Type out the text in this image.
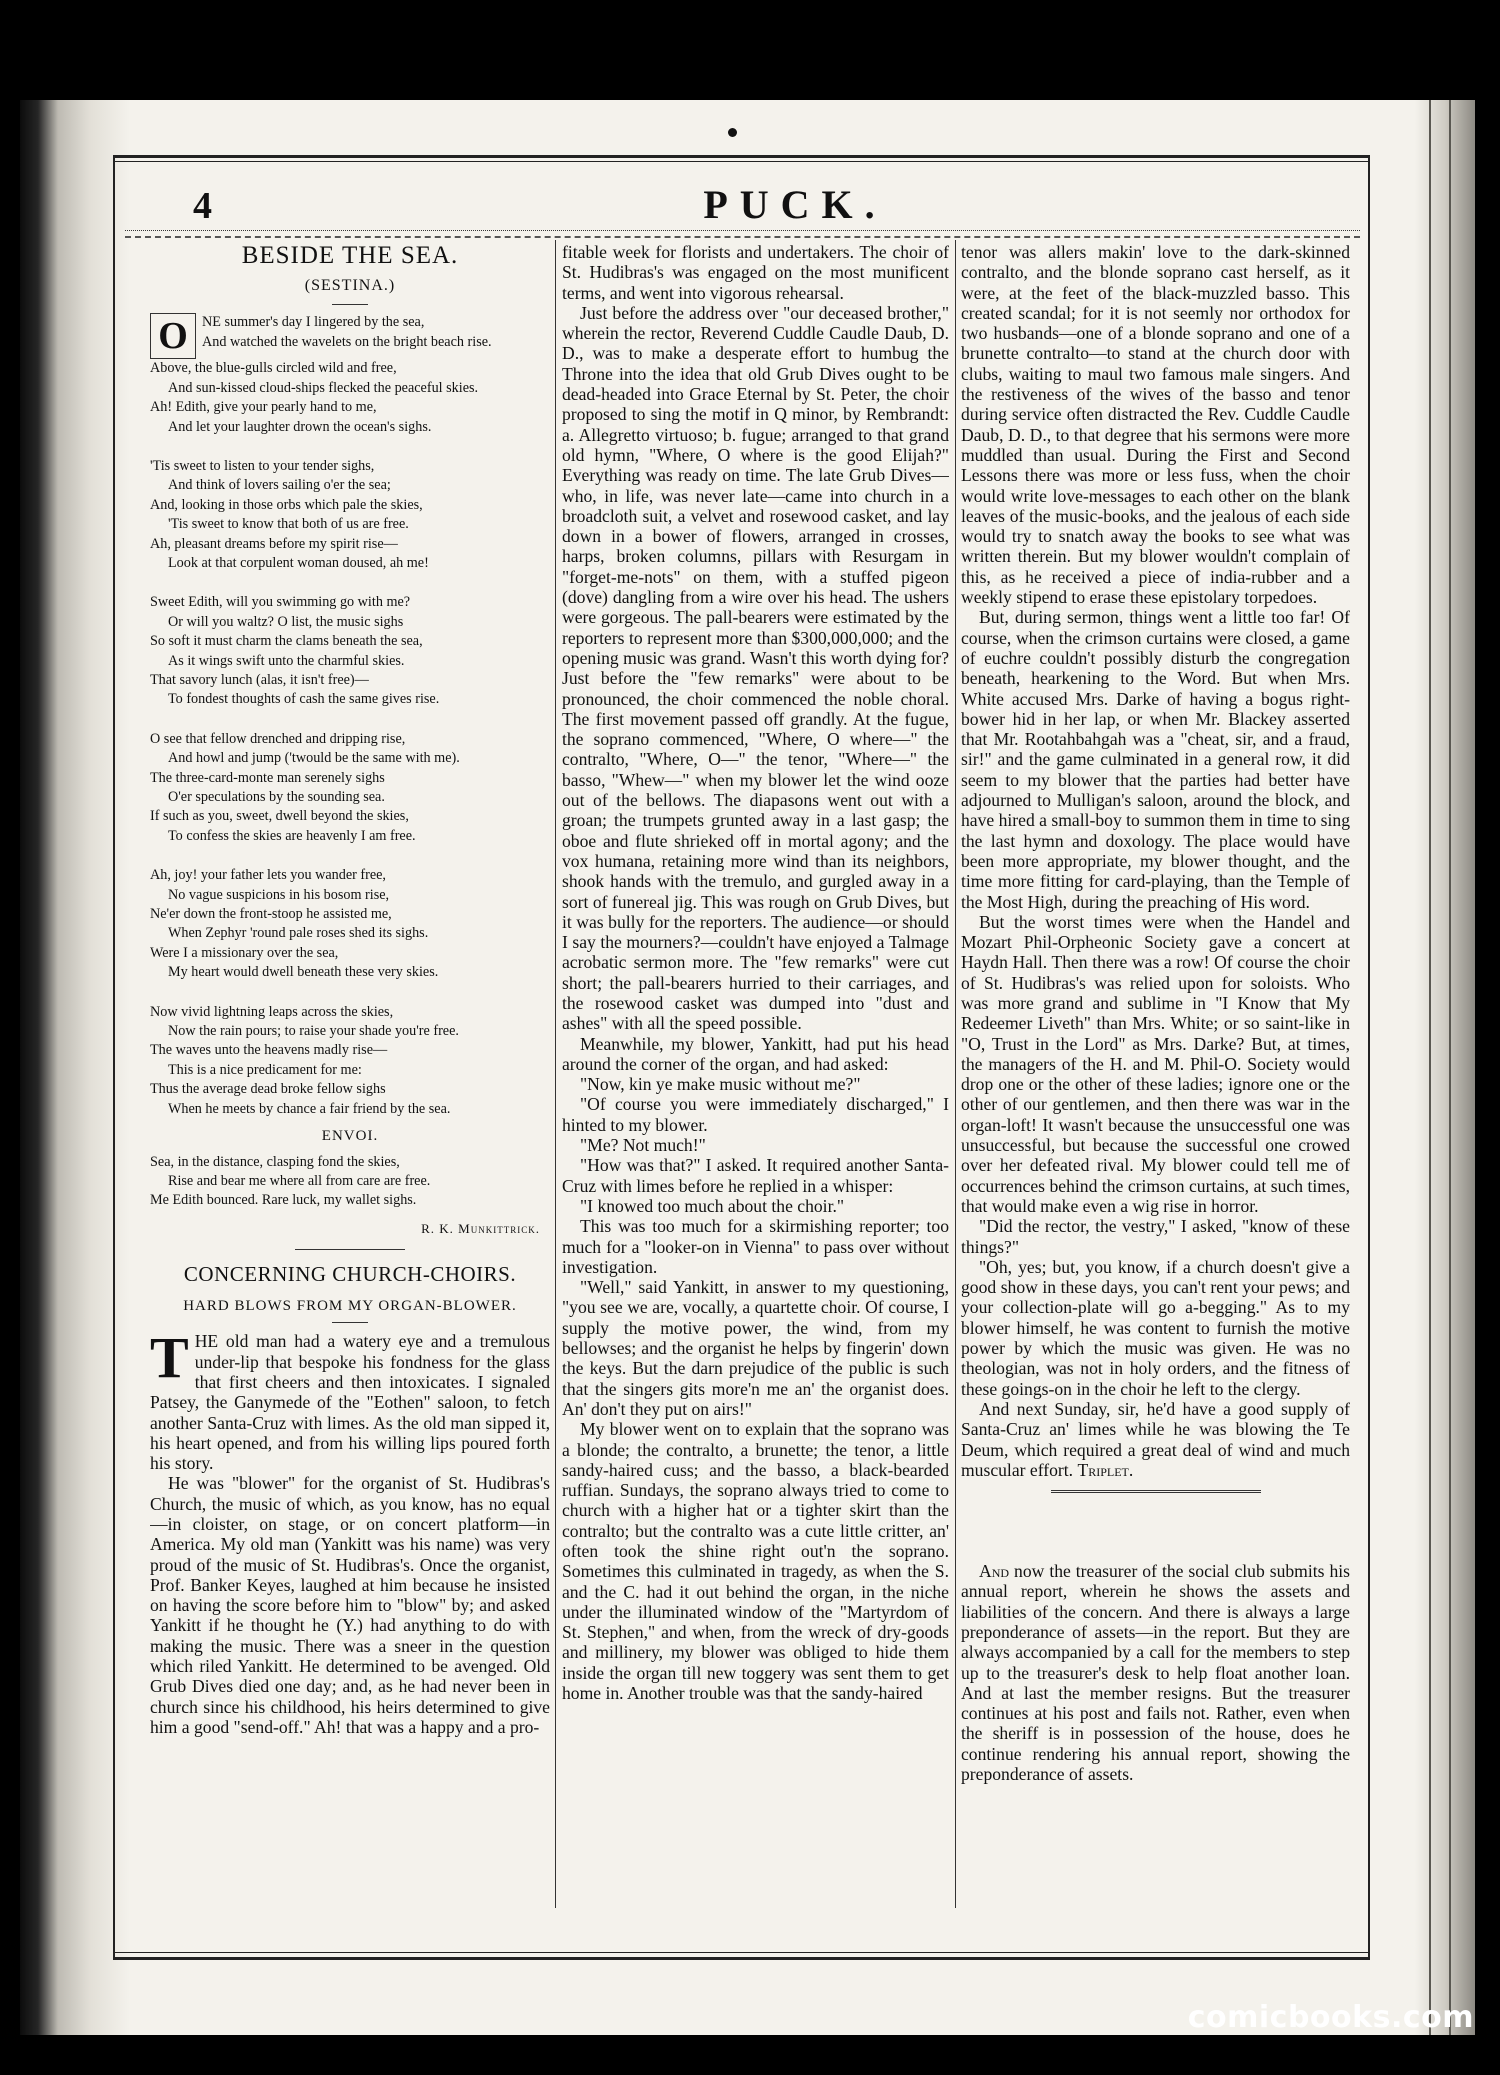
4	PUCK.
BESIDE THE SEA.
(SESTINA.)
O	NE summer's day I lingered by the sea,

And watched the wavelets on the bright beach rise.

Above, the blue-gulls circled wild and free,

And sun-kissed cloud-ships flecked the peaceful skies.

Ah! Edith, give your pearly hand to me,

And let your laughter drown the ocean's sighs.

'Tis sweet to listen to your tender sighs,

And think of lovers sailing o'er the sea;

And, looking in those orbs which pale the skies,

'Tis sweet to know that both of us are free.

Ah, pleasant dreams before my spirit rise—

Look at that corpulent woman doused, ah me!

Sweet Edith, will you swimming go with me?

Or will you waltz? O list, the music sighs

So soft it must charm the clams beneath the sea,

As it wings swift unto the charmful skies.

That savory lunch (alas, it isn't free)—

To fondest thoughts of cash the same gives rise.

O see that fellow drenched and dripping rise,

And howl and jump ('twould be the same with me).

The three-card-monte man serenely sighs

O'er speculations by the sounding sea.

If such as you, sweet, dwell beyond the skies,

To confess the skies are heavenly I am free.

Ah, joy! your father lets you wander free,

No vague suspicions in his bosom rise,

Ne'er down the front-stoop he assisted me,

When Zephyr 'round pale roses shed its sighs.

Were I a missionary over the sea,

My heart would dwell beneath these very skies.

Now vivid lightning leaps across the skies,

Now the rain pours; to raise your shade you're free.

The waves unto the heavens madly rise—

This is a nice predicament for me:

Thus the average dead broke fellow sighs

When he meets by chance a fair friend by the sea.

ENVOI.

Sea, in the distance, clasping fond the skies,

Rise and bear me where all from care are free.

Me Edith bounced. Rare luck, my wallet sighs.

R. K. Munkittrick.
CONCERNING CHURCH-CHOIRS.
HARD BLOWS FROM MY ORGAN-BLOWER.

THE old man had a watery eye and a tremulous under-lip that bespoke his fondness for the glass that first cheers and then intoxicates. I signaled Patsey, the Ganymede of the "Eothen" saloon, to fetch another Santa-Cruz with limes. As the old man sipped it, his heart opened, and from his willing lips poured forth his story.

He was "blower" for the organist of St. Hudibras's Church, the music of which, as you know, has no equal—in cloister, on stage, or on concert platform—in America. My old man (Yankitt was his name) was very proud of the music of St. Hudibras's. Once the organist, Prof. Banker Keyes, laughed at him because he insisted on having the score before him to "blow" by; and asked Yankitt if he thought he (Y.) had anything to do with making the music. There was a sneer in the question which riled Yankitt. He determined to be avenged. Old Grub Dives died one day; and, as he had never been in church since his childhood, his heirs determined to give him a good "send-off." Ah! that was a happy and a pro-

fitable week for florists and undertakers. The choir of St. Hudibras's was engaged on the most munificent terms, and went into vigorous rehearsal.

Just before the address over "our deceased brother," wherein the rector, Reverend Cuddle Caudle Daub, D. D., was to make a desperate effort to humbug the Throne into the idea that old Grub Dives ought to be dead-headed into Grace Eternal by St. Peter, the choir proposed to sing the motif in Q minor, by Rembrandt: a. Allegretto virtuoso; b. fugue; arranged to that grand old hymn, "Where, O where is the good Elijah?" Everything was ready on time. The late Grub Dives—who, in life, was never late—came into church in a broadcloth suit, a velvet and rosewood casket, and lay down in a bower of flowers, arranged in crosses, harps, broken columns, pillars with Resurgam in "forget-me-nots" on them, with a stuffed pigeon (dove) dangling from a wire over his head. The ushers were gorgeous. The pall-bearers were estimated by the reporters to represent more than $300,000,000; and the opening music was grand. Wasn't this worth dying for? Just before the "few remarks" were about to be pronounced, the choir commenced the noble choral. The first movement passed off grandly. At the fugue, the soprano commenced, "Where, O where—" the contralto, "Where, O—" the tenor, "Where—" the basso, "Whew—" when my blower let the wind ooze out of the bellows. The diapasons went out with a groan; the trumpets grunted away in a last gasp; the oboe and flute shrieked off in mortal agony; and the vox humana, retaining more wind than its neighbors, shook hands with the tremulo, and gurgled away in a sort of funereal jig. This was rough on Grub Dives, but it was bully for the reporters. The audience—or should I say the mourners?—couldn't have enjoyed a Talmage acrobatic sermon more. The "few remarks" were cut short; the pall-bearers hurried to their carriages, and the rosewood casket was dumped into "dust and ashes" with all the speed possible.

Meanwhile, my blower, Yankitt, had put his head around the corner of the organ, and had asked:

"Now, kin ye make music without me?"

"Of course you were immediately discharged," I hinted to my blower.

"Me? Not much!"

"How was that?" I asked. It required another Santa-Cruz with limes before he replied in a whisper:

"I knowed too much about the choir."

This was too much for a skirmishing reporter; too much for a "looker-on in Vienna" to pass over without investigation.

"Well," said Yankitt, in answer to my questioning, "you see we are, vocally, a quartette choir. Of course, I supply the motive power, the wind, from my bellowses; and the organist he helps by fingerin' down the keys. But the darn prejudice of the public is such that the singers gits more'n me an' the organist does. An' don't they put on airs!"

My blower went on to explain that the soprano was a blonde; the contralto, a brunette; the tenor, a little sandy-haired cuss; and the basso, a black-bearded ruffian. Sundays, the soprano always tried to come to church with a higher hat or a tighter skirt than the contralto; but the contralto was a cute little critter, an' often took the shine right out'n the soprano. Sometimes this culminated in tragedy, as when the S. and the C. had it out behind the organ, in the niche under the illuminated window of the "Martyrdom of St. Stephen," and when, from the wreck of dry-goods and millinery, my blower was obliged to hide them inside the organ till new toggery was sent them to get home in. Another trouble was that the sandy-haired

tenor was allers makin' love to the dark-skinned contralto, and the blonde soprano cast herself, as it were, at the feet of the black-muzzled basso. This created scandal; for it is not seemly nor orthodox for two husbands—one of a blonde soprano and one of a brunette contralto—to stand at the church door with clubs, waiting to maul two famous male singers. And the restiveness of the wives of the basso and tenor during service often distracted the Rev. Cuddle Caudle Daub, D. D., to that degree that his sermons were more muddled than usual. During the First and Second Lessons there was more or less fuss, when the choir would write love-messages to each other on the blank leaves of the music-books, and the jealous of each side would try to snatch away the books to see what was written therein. But my blower wouldn't complain of this, as he received a piece of india-rubber and a weekly stipend to erase these epistolary torpedoes.

But, during sermon, things went a little too far! Of course, when the crimson curtains were closed, a game of euchre couldn't possibly disturb the congregation beneath, hearkening to the Word. But when Mrs. White accused Mrs. Darke of having a bogus right-bower hid in her lap, or when Mr. Blackey asserted that Mr. Rootahbahgah was a "cheat, sir, and a fraud, sir!" and the game culminated in a general row, it did seem to my blower that the parties had better have adjourned to Mulligan's saloon, around the block, and have hired a small-boy to summon them in time to sing the last hymn and doxology. The place would have been more appropriate, my blower thought, and the time more fitting for card-playing, than the Temple of the Most High, during the preaching of His word.

But the worst times were when the Handel and Mozart Phil-Orpheonic Society gave a concert at Haydn Hall. Then there was a row! Of course the choir of St. Hudibras's was relied upon for soloists. Who was more grand and sublime in "I Know that My Redeemer Liveth" than Mrs. White; or so saint-like in "O, Trust in the Lord" as Mrs. Darke? But, at times, the managers of the H. and M. Phil-O. Society would drop one or the other of these ladies; ignore one or the other of our gentlemen, and then there was war in the organ-loft! It wasn't because the unsuccessful one was unsuccessful, but because the successful one crowed over her defeated rival. My blower could tell me of occurrences behind the crimson curtains, at such times, that would make even a wig rise in horror.

"Did the rector, the vestry," I asked, "know of these things?"

"Oh, yes; but, you know, if a church doesn't give a good show in these days, you can't rent your pews; and your collection-plate will go a-begging." As to my blower himself, he was content to furnish the motive power by which the music was given. He was no theologian, was not in holy orders, and the fitness of these goings-on in the choir he left to the clergy.

And next Sunday, sir, he'd have a good supply of Santa-Cruz an' limes while he was blowing the Te Deum, which required a great deal of wind and much muscular effort. Triplet.

And now the treasurer of the social club submits his annual report, wherein he shows the assets and liabilities of the concern. And there is always a large preponderance of assets—in the report. But they are always accompanied by a call for the members to step up to the treasurer's desk to help float another loan. And at last the member resigns. But the treasurer continues at his post and fails not. Rather, even when the sheriff is in possession of the house, does he continue rendering his annual report, showing the preponderance of assets.

comicbooks.com
